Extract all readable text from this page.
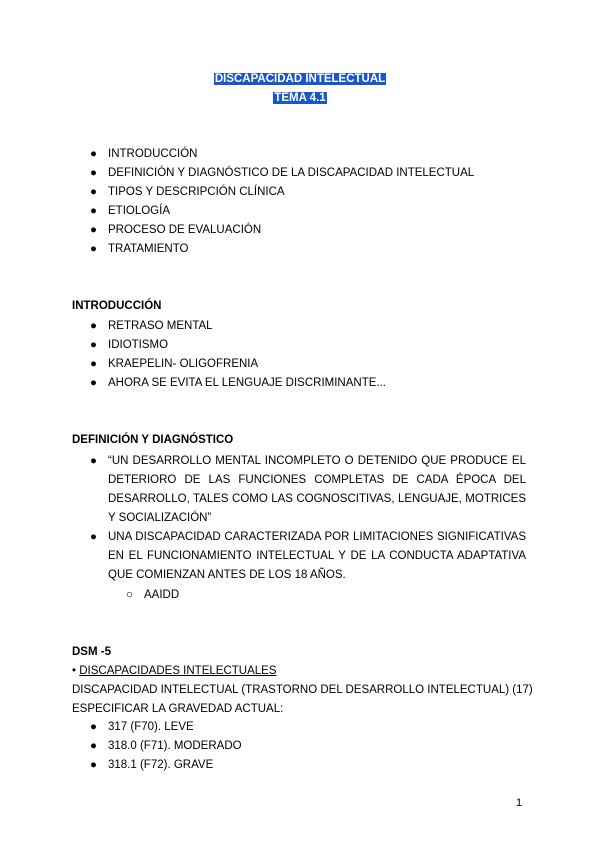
DISCAPACIDAD INTELECTUAL
TEMA 4.1
● INTRODUCCIÓN
● DEFINICIÓN Y DIAGNÓSTICO DE LA DISCAPACIDAD INTELECTUAL
● TIPOS Y DESCRIPCIÓN CLÍNICA
● ETIOLOGÍA
● PROCESO DE EVALUACIÓN
● TRATAMIENTO
INTRODUCCIÓN
● RETRASO MENTAL
● IDIOTISMO
● KRAEPELIN- OLIGOFRENIA
● AHORA SE EVITA EL LENGUAJE DISCRIMINANTE...
DEFINICIÓN Y DIAGNÓSTICO
● “UN DESARROLLO MENTAL INCOMPLETO O DETENIDO QUE PRODUCE EL DETERIORO DE LAS FUNCIONES COMPLETAS DE CADA ÉPOCA DEL DESARROLLO, TALES COMO LAS COGNOSCITIVAS, LENGUAJE, MOTRICES Y SOCIALIZACIÓN”
● UNA DISCAPACIDAD CARACTERIZADA POR LIMITACIONES SIGNIFICATIVAS EN EL FUNCIONAMIENTO INTELECTUAL Y DE LA CONDUCTA ADAPTATIVA QUE COMIENZAN ANTES DE LOS 18 AÑOS.
○ AAIDD
DSM -5
• DISCAPACIDADES INTELECTUALES
DISCAPACIDAD INTELECTUAL (TRASTORNO DEL DESARROLLO INTELECTUAL) (17)
ESPECIFICAR LA GRAVEDAD ACTUAL:
● 317 (F70). LEVE
● 318.0 (F71). MODERADO
● 318.1 (F72). GRAVE
1
